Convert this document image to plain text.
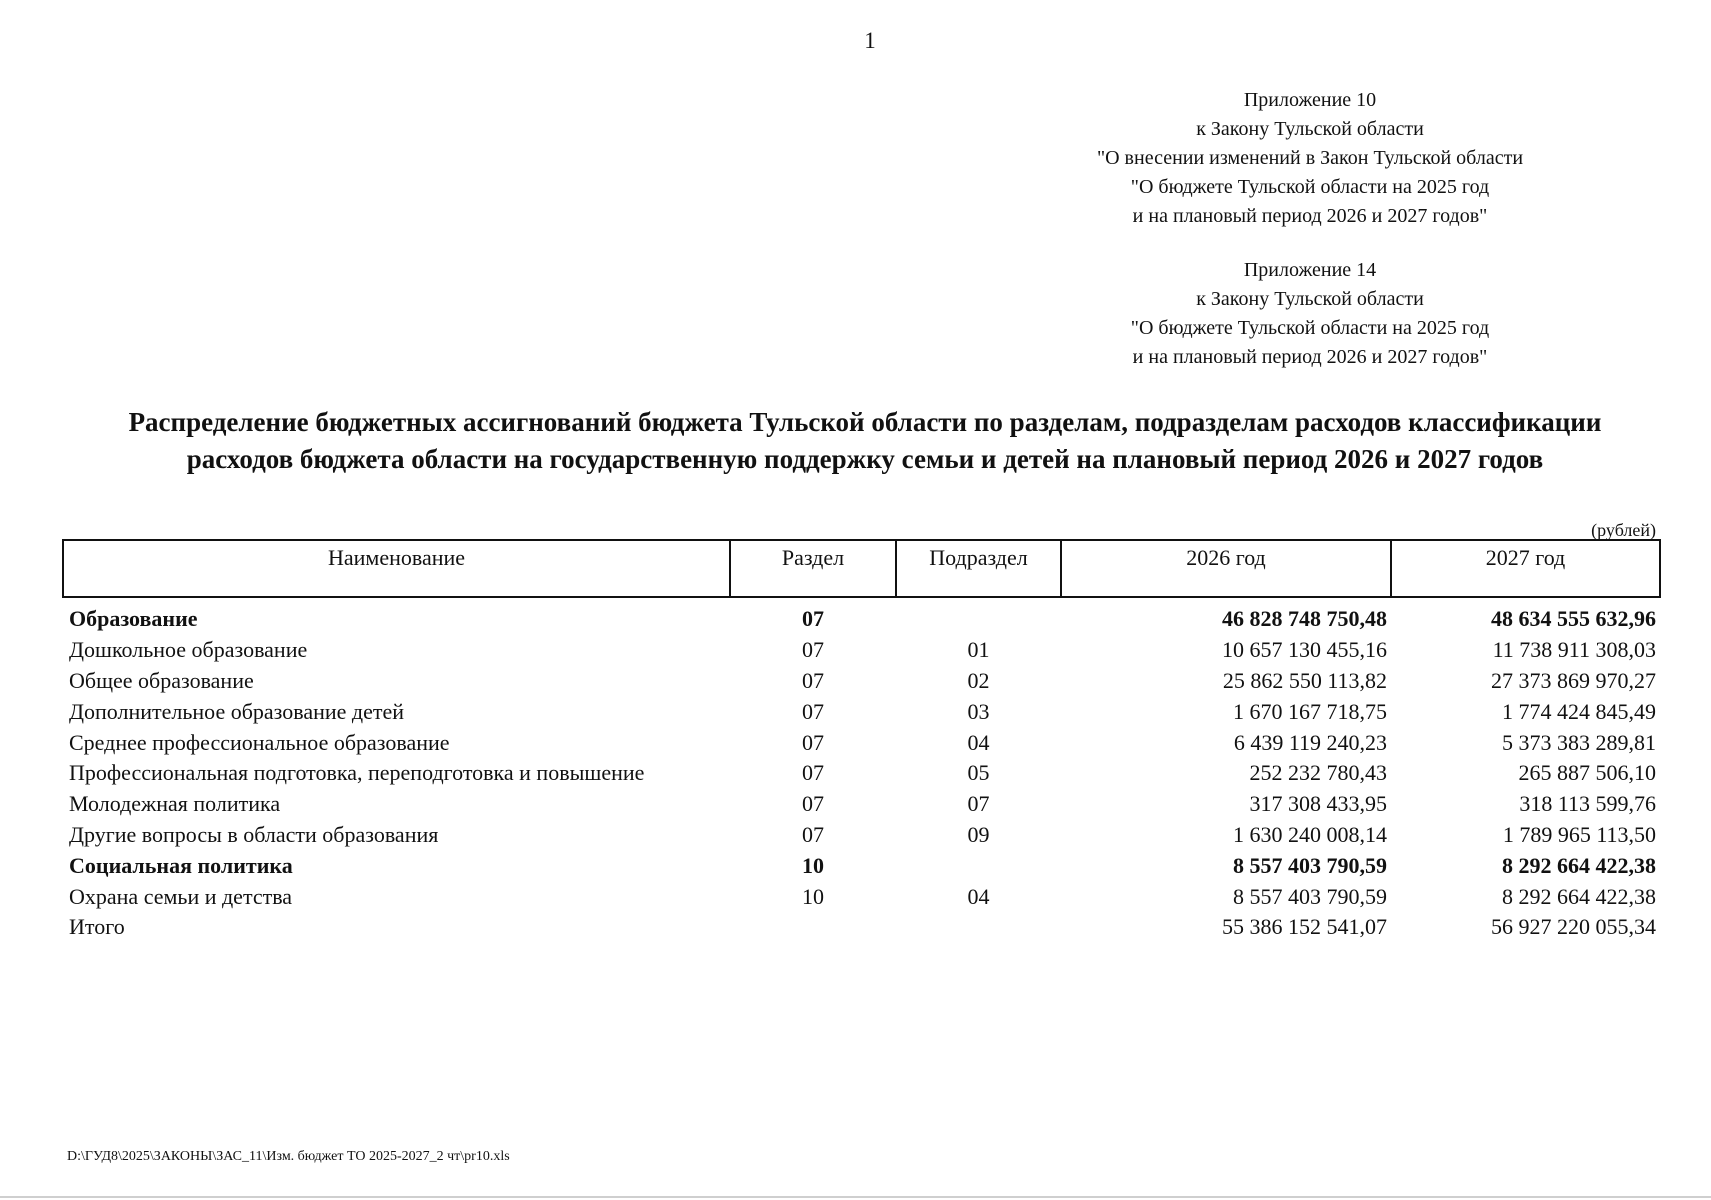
1
Приложение 10
к Закону Тульской области
"О внесении изменений в Закон Тульской области
"О бюджете Тульской области на 2025 год
и на плановый период 2026 и 2027 годов"
Приложение 14
к Закону Тульской области
"О бюджете Тульской области на 2025 год
и на плановый период 2026 и 2027 годов"
Распределение бюджетных ассигнований бюджета Тульской области по разделам, подразделам расходов классификации
расходов бюджета области на государственную поддержку семьи и детей на плановый период 2026 и 2027 годов
(рублей)
Наименование	Раздел	Подраздел	2026 год	2027 год
Образование	07		46 828 748 750,48	48 634 555 632,96
Дошкольное образование	07	01	10 657 130 455,16	11 738 911 308,03
Общее образование	07	02	25 862 550 113,82	27 373 869 970,27
Дополнительное образование детей	07	03	1 670 167 718,75	1 774 424 845,49
Среднее профессиональное образование	07	04	6 439 119 240,23	5 373 383 289,81
Профессиональная подготовка, переподготовка и повышение	07	05	252 232 780,43	265 887 506,10
Молодежная политика	07	07	317 308 433,95	318 113 599,76
Другие вопросы в области образования	07	09	1 630 240 008,14	1 789 965 113,50
Социальная политика	10		8 557 403 790,59	8 292 664 422,38
Охрана семьи и детства	10	04	8 557 403 790,59	8 292 664 422,38
Итого			55 386 152 541,07	56 927 220 055,34
D:\ГУД8\2025\ЗАКОНЫ\ЗАС_11\Изм. бюджет ТО 2025-2027_2 чт\pr10.xls
